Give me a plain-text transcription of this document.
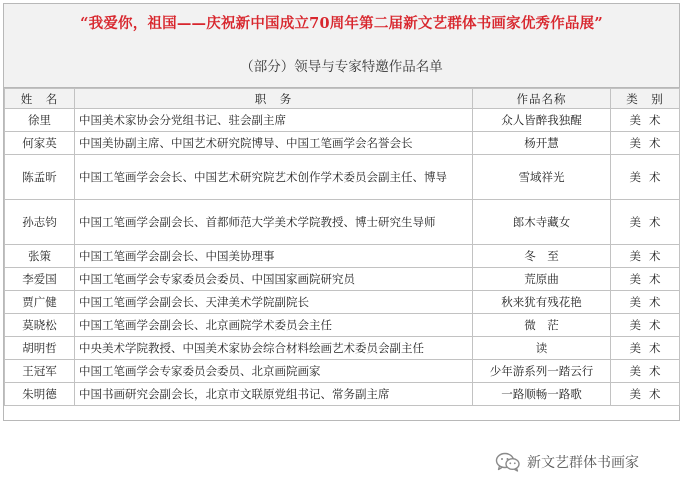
“我爱你，祖国——庆祝新中国成立70周年第二届新文艺群体书画家优秀作品展”
（部分）领导与专家特邀作品名单
姓　名	职　务	作品名称	类　别
徐里	中国美术家协会分党组书记、驻会副主席	众人皆醉我独醒	美术
何家英	中国美协副主席、中国艺术研究院博导、中国工笔画学会名誉会长	杨开慧	美术
陈孟昕	中国工笔画学会会长、中国艺术研究院艺术创作学术委员会副主任、博导	雪域祥光	美术
孙志钧	中国工笔画学会副会长、首都师范大学美术学院教授、博士研究生导师	郎木寺藏女	美术
张策	中国工笔画学会副会长、中国美协理事	冬　至	美术
李爱国	中国工笔画学会专家委员会委员、中国国家画院研究员	荒原曲	美术
贾广健	中国工笔画学会副会长、天津美术学院副院长	秋来犹有残花艳	美术
莫晓松	中国工笔画学会副会长、北京画院学术委员会主任	微　茫	美术
胡明哲	中央美术学院教授、中国美术家协会综合材料绘画艺术委员会副主任	读	美术
王冠军	中国工笔画学会专家委员会委员、北京画院画家	少年游系列一踏云行	美术
朱明德	中国书画研究会副会长，北京市文联原党组书记、常务副主席	一路顺畅一路歌	美术
新文艺群体书画家
